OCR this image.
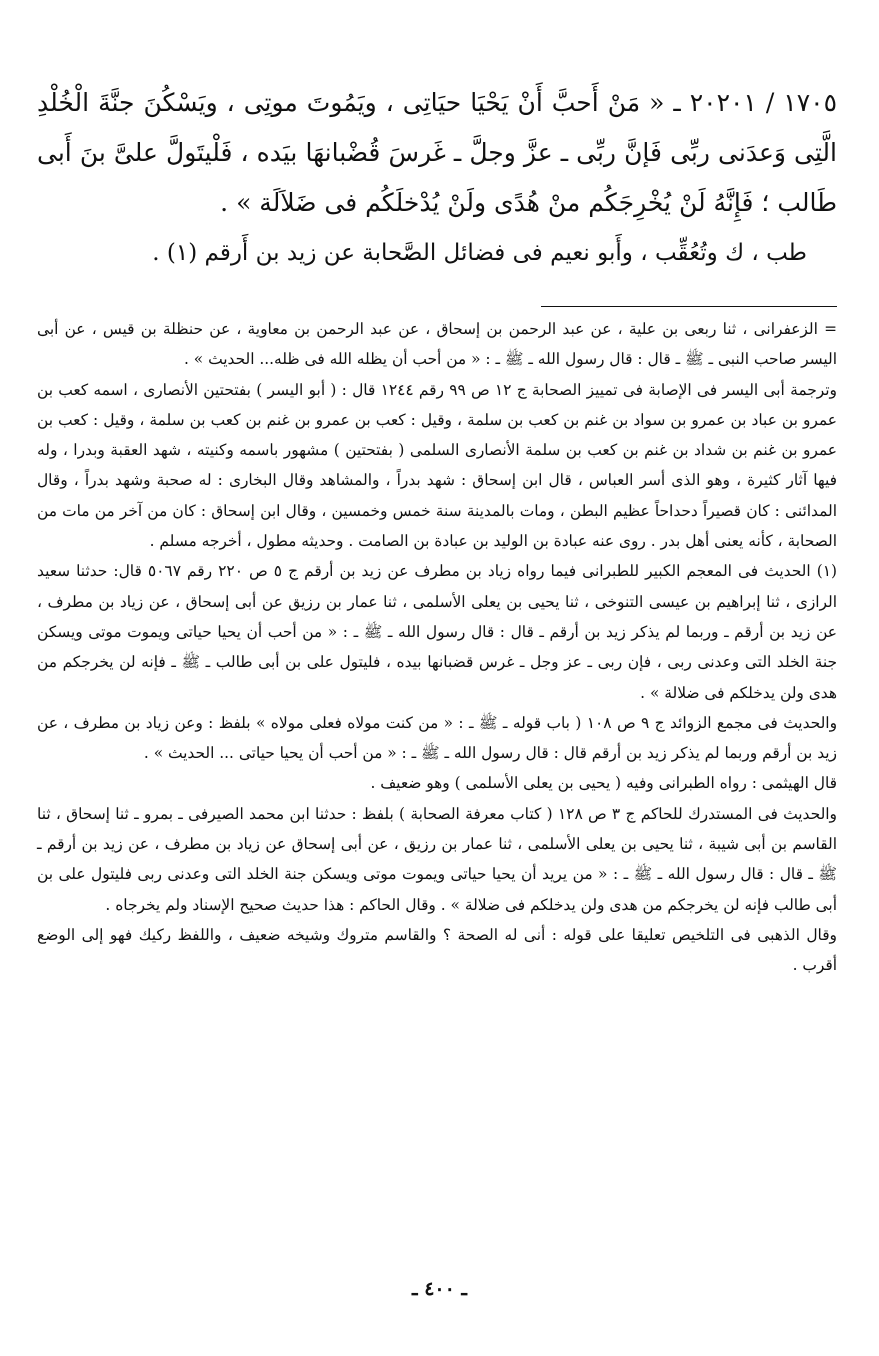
١٧٠٥ / ٢٠٢٠١ ـ « مَنْ أَحبَّ أَنْ يَحْيَا حيَاتِى ، ويَمُوتَ موتِى ، ويَسْكُنَ جنَّةَ الْخُلْدِ الَّتِى وَعدَنى ربِّى فَإنَّ ربِّى ـ عزَّ وجلَّ ـ غَرسَ قُضْبانهَا بيَده ، فَلْيتَولَّ علىَّ بنَ أَبى طَالب ؛ فَإِنَّهُ لَنْ يُخْرِجَكُم منْ هُدًى ولَنْ يُدْخلَكُم فى ضَلاَلَة » .

طب ، ك وتُعُقِّب ، وأَبو نعيم فى فضائل الصَّحابة عن زيد بن أَرقم (١) .

= الزعفرانى ، ثنا ربعى بن علية ، عن عبد الرحمن بن إسحاق ، عن عبد الرحمن بن معاوية ، عن حنظلة بن قيس ، عن أبى اليسر صاحب النبى ـ ﷺ ـ قال : قال رسول الله ـ ﷺ ـ : « من أحب أن يظله الله فى ظله... الحديث » .

وترجمة أبى اليسر فى الإصابة فى تمييز الصحابة ج ١٢ ص ٩٩ رقم ١٢٤٤ قال : ( أبو اليسر ) بفتحتين الأنصارى ، اسمه كعب بن عمرو بن عباد بن عمرو بن سواد بن غنم بن كعب بن سلمة ، وقيل : كعب بن عمرو بن غنم بن كعب بن سلمة ، وقيل : كعب بن عمرو بن غنم بن شداد بن غنم بن كعب بن سلمة الأنصارى السلمى ( بفتحتين ) مشهور باسمه وكنيته ، شهد العقبة وبدرا ، وله فيها آثار كثيرة ، وهو الذى أسر العباس ، قال ابن إسحاق : شهد بدراً ، والمشاهد وقال البخارى : له صحبة وشهد بدراً ، وقال المدائنى : كان قصيراً دحداحاً عظيم البطن ، ومات بالمدينة سنة خمس وخمسين ، وقال ابن إسحاق : كان من آخر من مات من الصحابة ، كأنه يعنى أهل بدر . روى عنه عبادة بن الوليد بن عبادة بن الصامت . وحديثه مطول ، أخرجه مسلم .

(١) الحديث فى المعجم الكبير للطبرانى فيما رواه زياد بن مطرف عن زيد بن أرقم ج ٥ ص ٢٢٠ رقم ٥٠٦٧ قال: حدثنا سعيد الرازى ، ثنا إبراهيم بن عيسى التنوخى ، ثنا يحيى بن يعلى الأسلمى ، ثنا عمار بن رزيق عن أبى إسحاق ، عن زياد بن مطرف ، عن زيد بن أرقم ـ وربما لم يذكر زيد بن أرقم ـ قال : قال رسول الله ـ ﷺ ـ : « من أحب أن يحيا حياتى ويموت موتى ويسكن جنة الخلد التى وعدنى ربى ، فإن ربى ـ عز وجل ـ غرس قضبانها بيده ، فليتول على بن أبى طالب ـ ﷺ ـ فإنه لن يخرجكم من هدى ولن يدخلكم فى ضلالة » .

والحديث فى مجمع الزوائد ج ٩ ص ١٠٨ ( باب قوله ـ ﷺ ـ : « من كنت مولاه فعلى مولاه » بلفظ : وعن زياد بن مطرف ، عن زيد بن أرقم وربما لم يذكر زيد بن أرقم قال : قال رسول الله ـ ﷺ ـ : « من أحب أن يحيا حياتى ... الحديث » .

قال الهيثمى : رواه الطبرانى وفيه ( يحيى بن يعلى الأسلمى ) وهو ضعيف .

والحديث فى المستدرك للحاكم ج ٣ ص ١٢٨ ( كتاب معرفة الصحابة ) بلفظ : حدثنا ابن محمد الصيرفى ـ بمرو ـ ثنا إسحاق ، ثنا القاسم بن أبى شيبة ، ثنا يحيى بن يعلى الأسلمى ، ثنا عمار بن رزيق ، عن أبى إسحاق عن زياد بن مطرف ، عن زيد بن أرقم ـ ﷺ ـ قال : قال رسول الله ـ ﷺ ـ : « من يريد أن يحيا حياتى ويموت موتى ويسكن جنة الخلد التى وعدنى ربى فليتول على بن أبى طالب فإنه لن يخرجكم من هدى ولن يدخلكم فى ضلالة » . وقال الحاكم : هذا حديث صحيح الإسناد ولم يخرجاه .

وقال الذهبى فى التلخيص تعليقا على قوله : أنى له الصحة ؟ والقاسم متروك وشيخه ضعيف ، واللفظ ركيك فهو إلى الوضع أقرب .

ـ ٤٠٠ ـ
